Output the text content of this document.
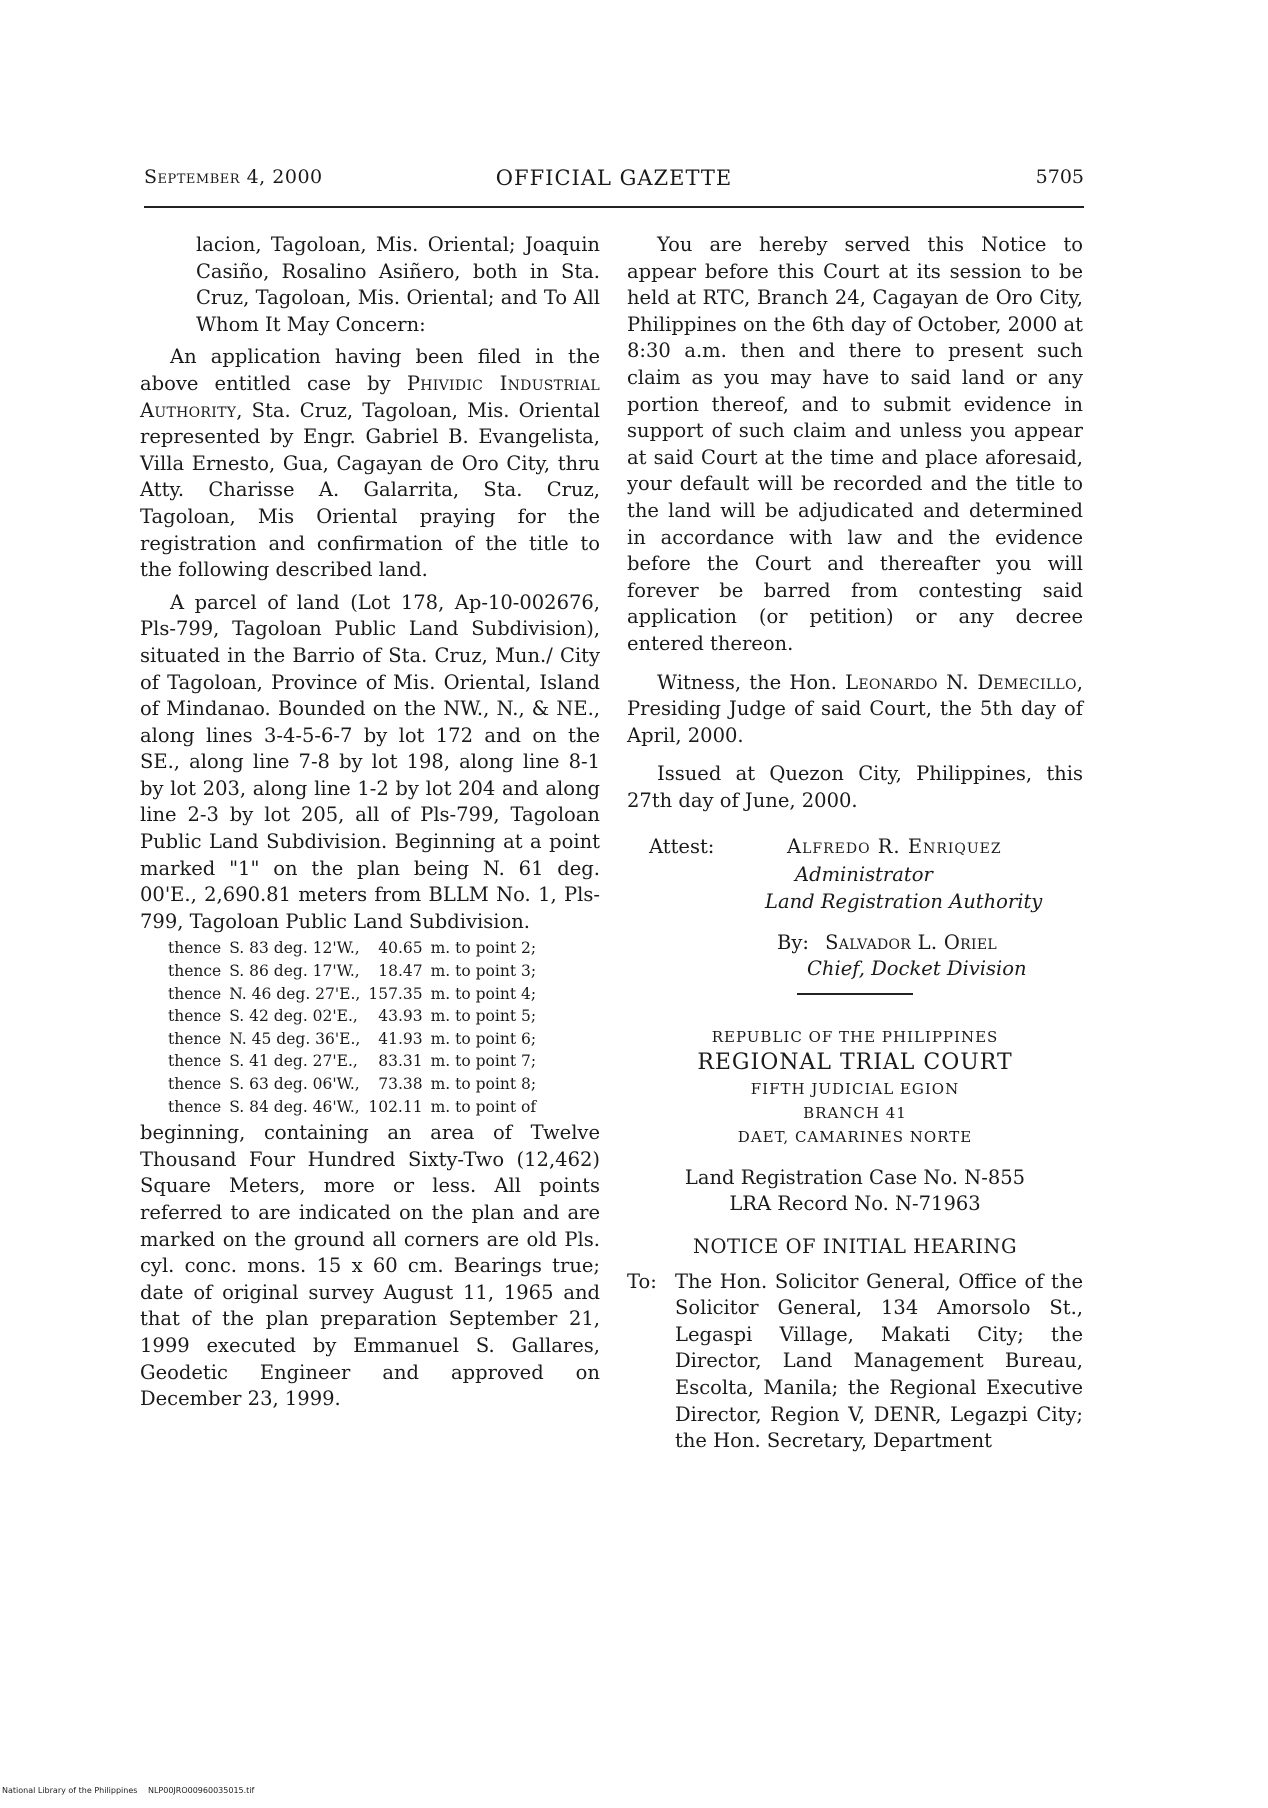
OFFICIAL GAZETTE
September 4, 2000	5705

lacion, Tagoloan, Mis. Oriental; Joaquin Casiño, Rosalino Asiñero, both in Sta. Cruz, Tagoloan, Mis. Oriental; and To All Whom It May Concern:

An application having been filed in the above entitled case by Phividic Industrial Authority, Sta. Cruz, Tagoloan, Mis. Oriental represented by Engr. Gabriel B. Evangelista, Villa Ernesto, Gua, Cagayan de Oro City, thru Atty. Charisse A. Galarrita, Sta. Cruz, Tagoloan, Mis Oriental praying for the registration and confirmation of the title to the following described land.

A parcel of land (Lot 178, Ap-10-002676, Pls-799, Tagoloan Public Land Subdivision), situated in the Barrio of Sta. Cruz, Mun./ City of Tagoloan, Province of Mis. Oriental, Island of Mindanao. Bounded on the NW., N., & NE., along lines 3-4-5-6-7 by lot 172 and on the SE., along line 7-8 by lot 198, along line 8-1 by lot 203, along line 1-2 by lot 204 and along line 2-3 by lot 205, all of Pls-799, Tagoloan Public Land Subdivision. Beginning at a point marked "1" on the plan being N. 61 deg. 00'E., 2,690.81 meters from BLLM No. 1, Pls-799, Tagoloan Public Land Subdivision.

thence	S. 83 deg. 12'W.,	40.65	m. to point 2;
thence	S. 86 deg. 17'W.,	18.47	m. to point 3;
thence	N. 46 deg. 27'E.,	157.35	m. to point 4;
thence	S. 42 deg. 02'E.,	43.93	m. to point 5;
thence	N. 45 deg. 36'E.,	41.93	m. to point 6;
thence	S. 41 deg. 27'E.,	83.31	m. to point 7;
thence	S. 63 deg. 06'W.,	73.38	m. to point 8;
thence	S. 84 deg. 46'W.,	102.11	m. to point of

beginning, containing an area of Twelve Thousand Four Hundred Sixty-Two (12,462) Square Meters, more or less. All points referred to are indicated on the plan and are marked on the ground all corners are old Pls. cyl. conc. mons. 15 x 60 cm. Bearings true; date of original survey August 11, 1965 and that of the plan preparation September 21, 1999 executed by Emmanuel S. Gallares, Geodetic Engineer and approved on December 23, 1999.

You are hereby served this Notice to appear before this Court at its session to be held at RTC, Branch 24, Cagayan de Oro City, Philippines on the 6th day of October, 2000 at 8:30 a.m. then and there to present such claim as you may have to said land or any portion thereof, and to submit evidence in support of such claim and unless you appear at said Court at the time and place aforesaid, your default will be recorded and the title to the land will be adjudicated and determined in accordance with law and the evidence before the Court and thereafter you will forever be barred from contesting said application (or petition) or any decree entered thereon.

Witness, the Hon. Leonardo N. Demecillo, Presiding Judge of said Court, the 5th day of April, 2000.

Issued at Quezon City, Philippines, this 27th day of June, 2000.

Attest:	Alfredo R. Enriquez
Administrator
Land Registration Authority
By: Salvador L. Oriel
Chief, Docket Division
REPUBLIC OF THE PHILIPPINES
REGIONAL TRIAL COURT
FIFTH JUDICIAL EGION
BRANCH 41
DAET, CAMARINES NORTE
Land Registration Case No. N-855
LRA Record No. N-71963
NOTICE OF INITIAL HEARING
To: The Hon. Solicitor General, Office of the Solicitor General, 134 Amorsolo St., Legaspi Village, Makati City; the Director, Land Management Bureau, Escolta, Manila; the Regional Executive Director, Region V, DENR, Legazpi City; the Hon. Secretary, Department

National Library of the Philippines NLP00JRO00960035015.tif
